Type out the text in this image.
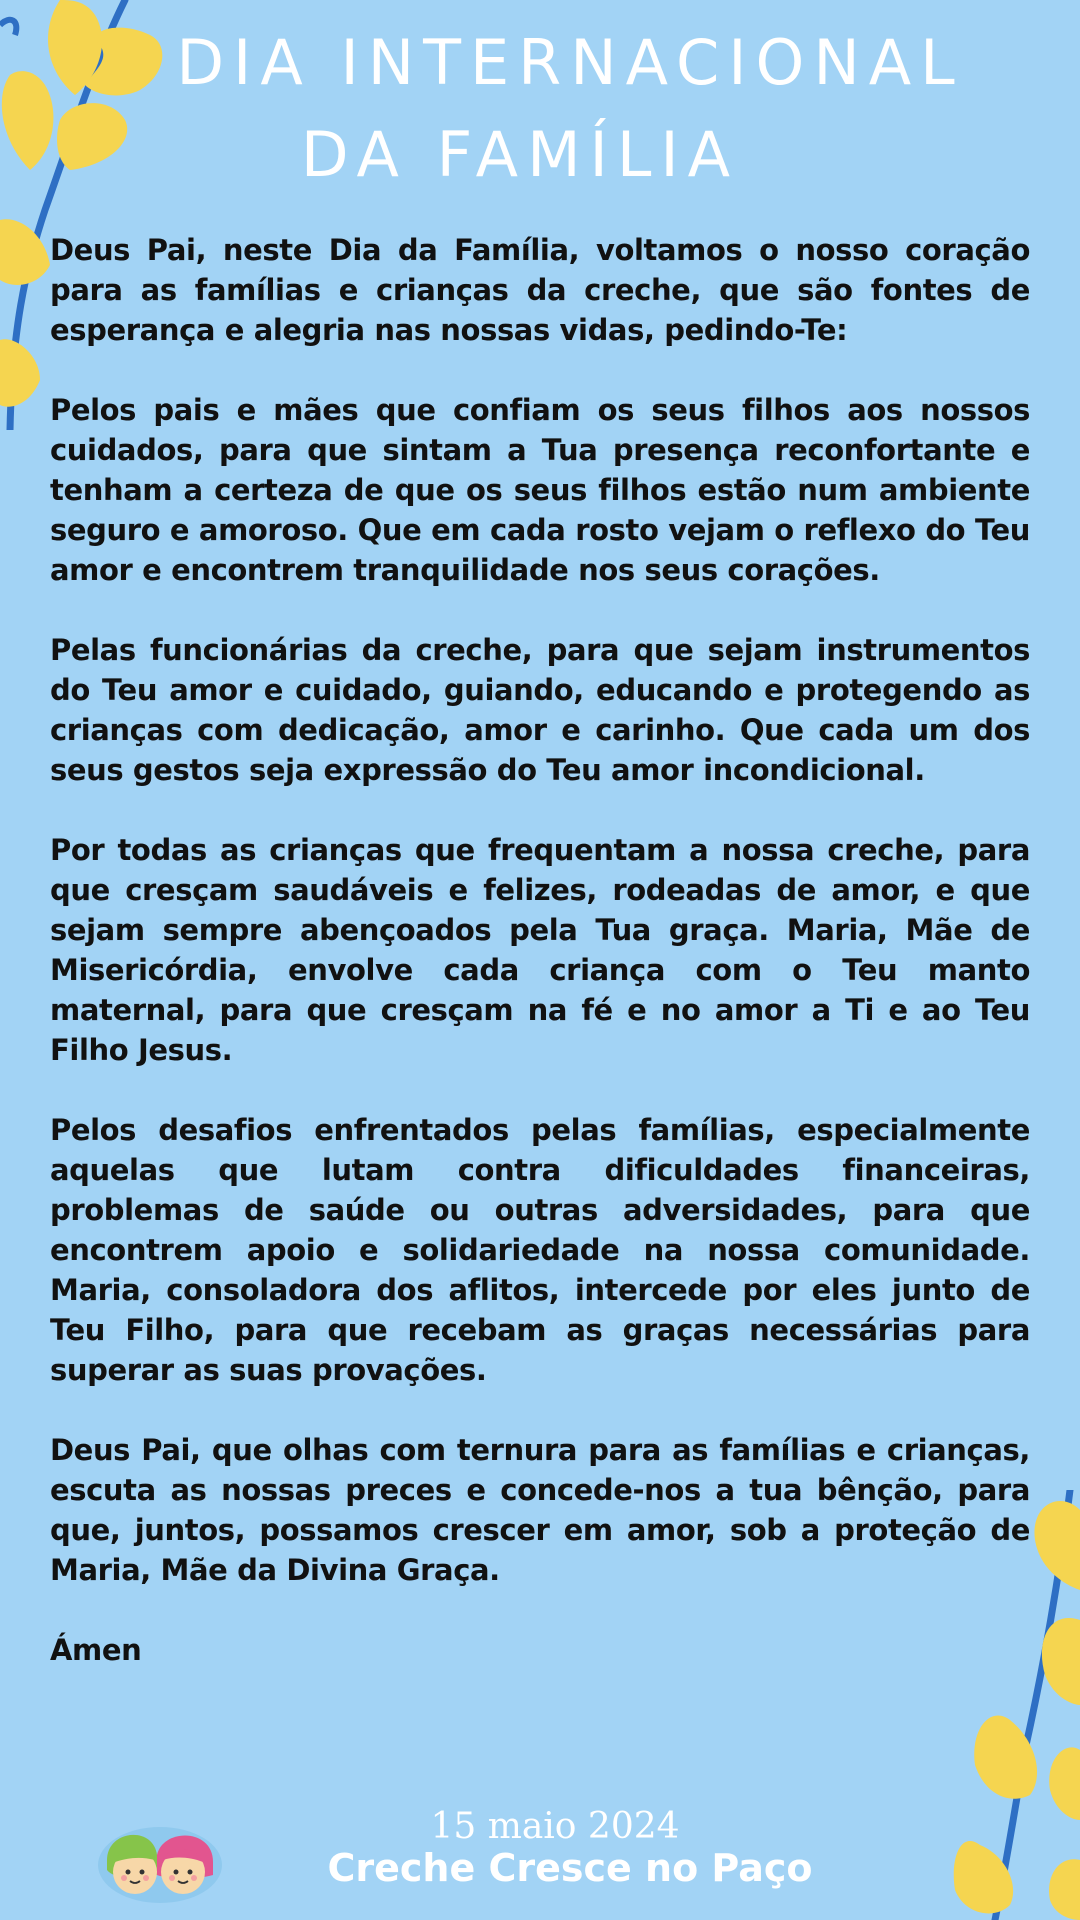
DIA INTERNACIONAL
DA FAMÍLIA

Deus Pai, neste Dia da Família, voltamos o nosso coração para as famílias e crianças da creche, que são fontes de esperança e alegria nas nossas vidas, pedindo-Te:

Pelos pais e mães que confiam os seus filhos aos nossos cuidados, para que sintam a Tua presença reconfortante e tenham a certeza de que os seus filhos estão num ambiente seguro e amoroso. Que em cada rosto vejam o reflexo do Teu amor e encontrem tranquilidade nos seus corações.

Pelas funcionárias da creche, para que sejam instrumentos do Teu amor e cuidado, guiando, educando e protegendo as crianças com dedicação, amor e carinho. Que cada um dos seus gestos seja expressão do Teu amor incondicional.

Por todas as crianças que frequentam a nossa creche, para que cresçam saudáveis e felizes, rodeadas de amor, e que sejam sempre abençoados pela Tua graça. Maria, Mãe de Misericórdia, envolve cada criança com o Teu manto maternal, para que cresçam na fé e no amor a Ti e ao Teu Filho Jesus.

Pelos desafios enfrentados pelas famílias, especialmente aquelas que lutam contra dificuldades financeiras, problemas de saúde ou outras adversidades, para que encontrem apoio e solidariedade na nossa comunidade. Maria, consoladora dos aflitos, intercede por eles junto de Teu Filho, para que recebam as graças necessárias para superar as suas provações.

Deus Pai, que olhas com ternura para as famílias e crianças, escuta as nossas preces e concede-nos a tua bênção, para que, juntos, possamos crescer em amor, sob a proteção de Maria, Mãe da Divina Graça.

Ámen

15 maio 2024
Creche Cresce no Paço
